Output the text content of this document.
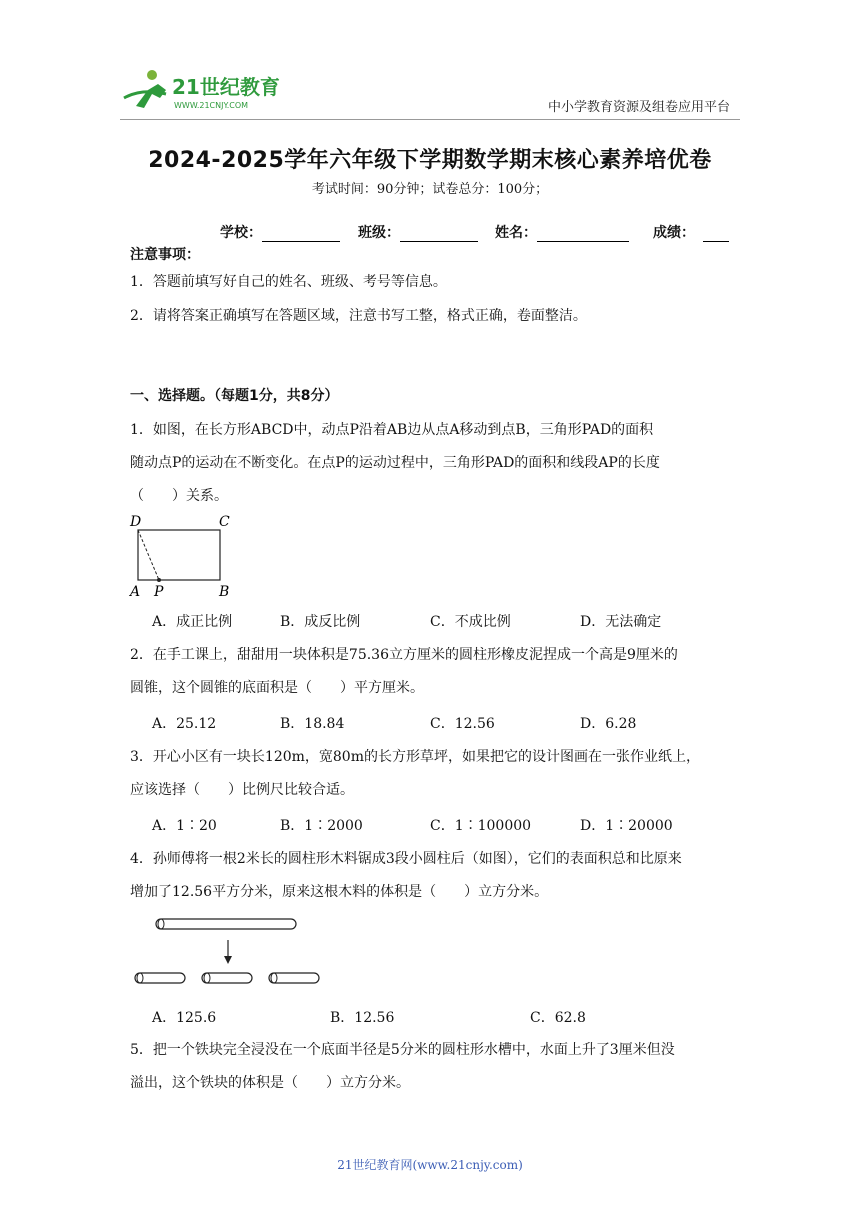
21世纪教育
WWW.21CNJY.COM	中小学教育资源及组卷应用平台
2024-2025学年六年级下学期数学期末核心素养培优卷
考试时间：90分钟；试卷总分：100分；
学校：	班级：	姓名：	成绩：
注意事项：
1．答题前填写好自己的姓名、班级、考号等信息。
2．请将答案正确填写在答题区域，注意书写工整，格式正确，卷面整洁。
一、选择题。（每题1分，共8分）
1．如图，在长方形ABCD中，动点P沿着AB边从点A移动到点B，三角形PAD的面积
随动点P的运动在不断变化。在点P的运动过程中，三角形PAD的面积和线段AP的长度
（　　）关系。
D	C
A P	B
A．成正比例	B．成反比例	C．不成比例	D．无法确定
2．在手工课上，甜甜用一块体积是75.36立方厘米的圆柱形橡皮泥捏成一个高是9厘米的
圆锥，这个圆锥的底面积是（　　）平方厘米。
A．25.12	B．18.84	C．12.56	D．6.28
3．开心小区有一块长120m，宽80m的长方形草坪，如果把它的设计图画在一张作业纸上，
应该选择（　　）比例尺比较合适。
A．1∶20	B．1∶2000	C．1∶100000	D．1∶20000
4．孙师傅将一根2米长的圆柱形木料锯成3段小圆柱后（如图），它们的表面积总和比原来
增加了12.56平方分米，原来这根木料的体积是（　　）立方分米。
A．125.6	B．12.56	C．62.8
5．把一个铁块完全浸没在一个底面半径是5分米的圆柱形水槽中，水面上升了3厘米但没
溢出，这个铁块的体积是（　　）立方分米。
21世纪教育网(www.21cnjy.com)
